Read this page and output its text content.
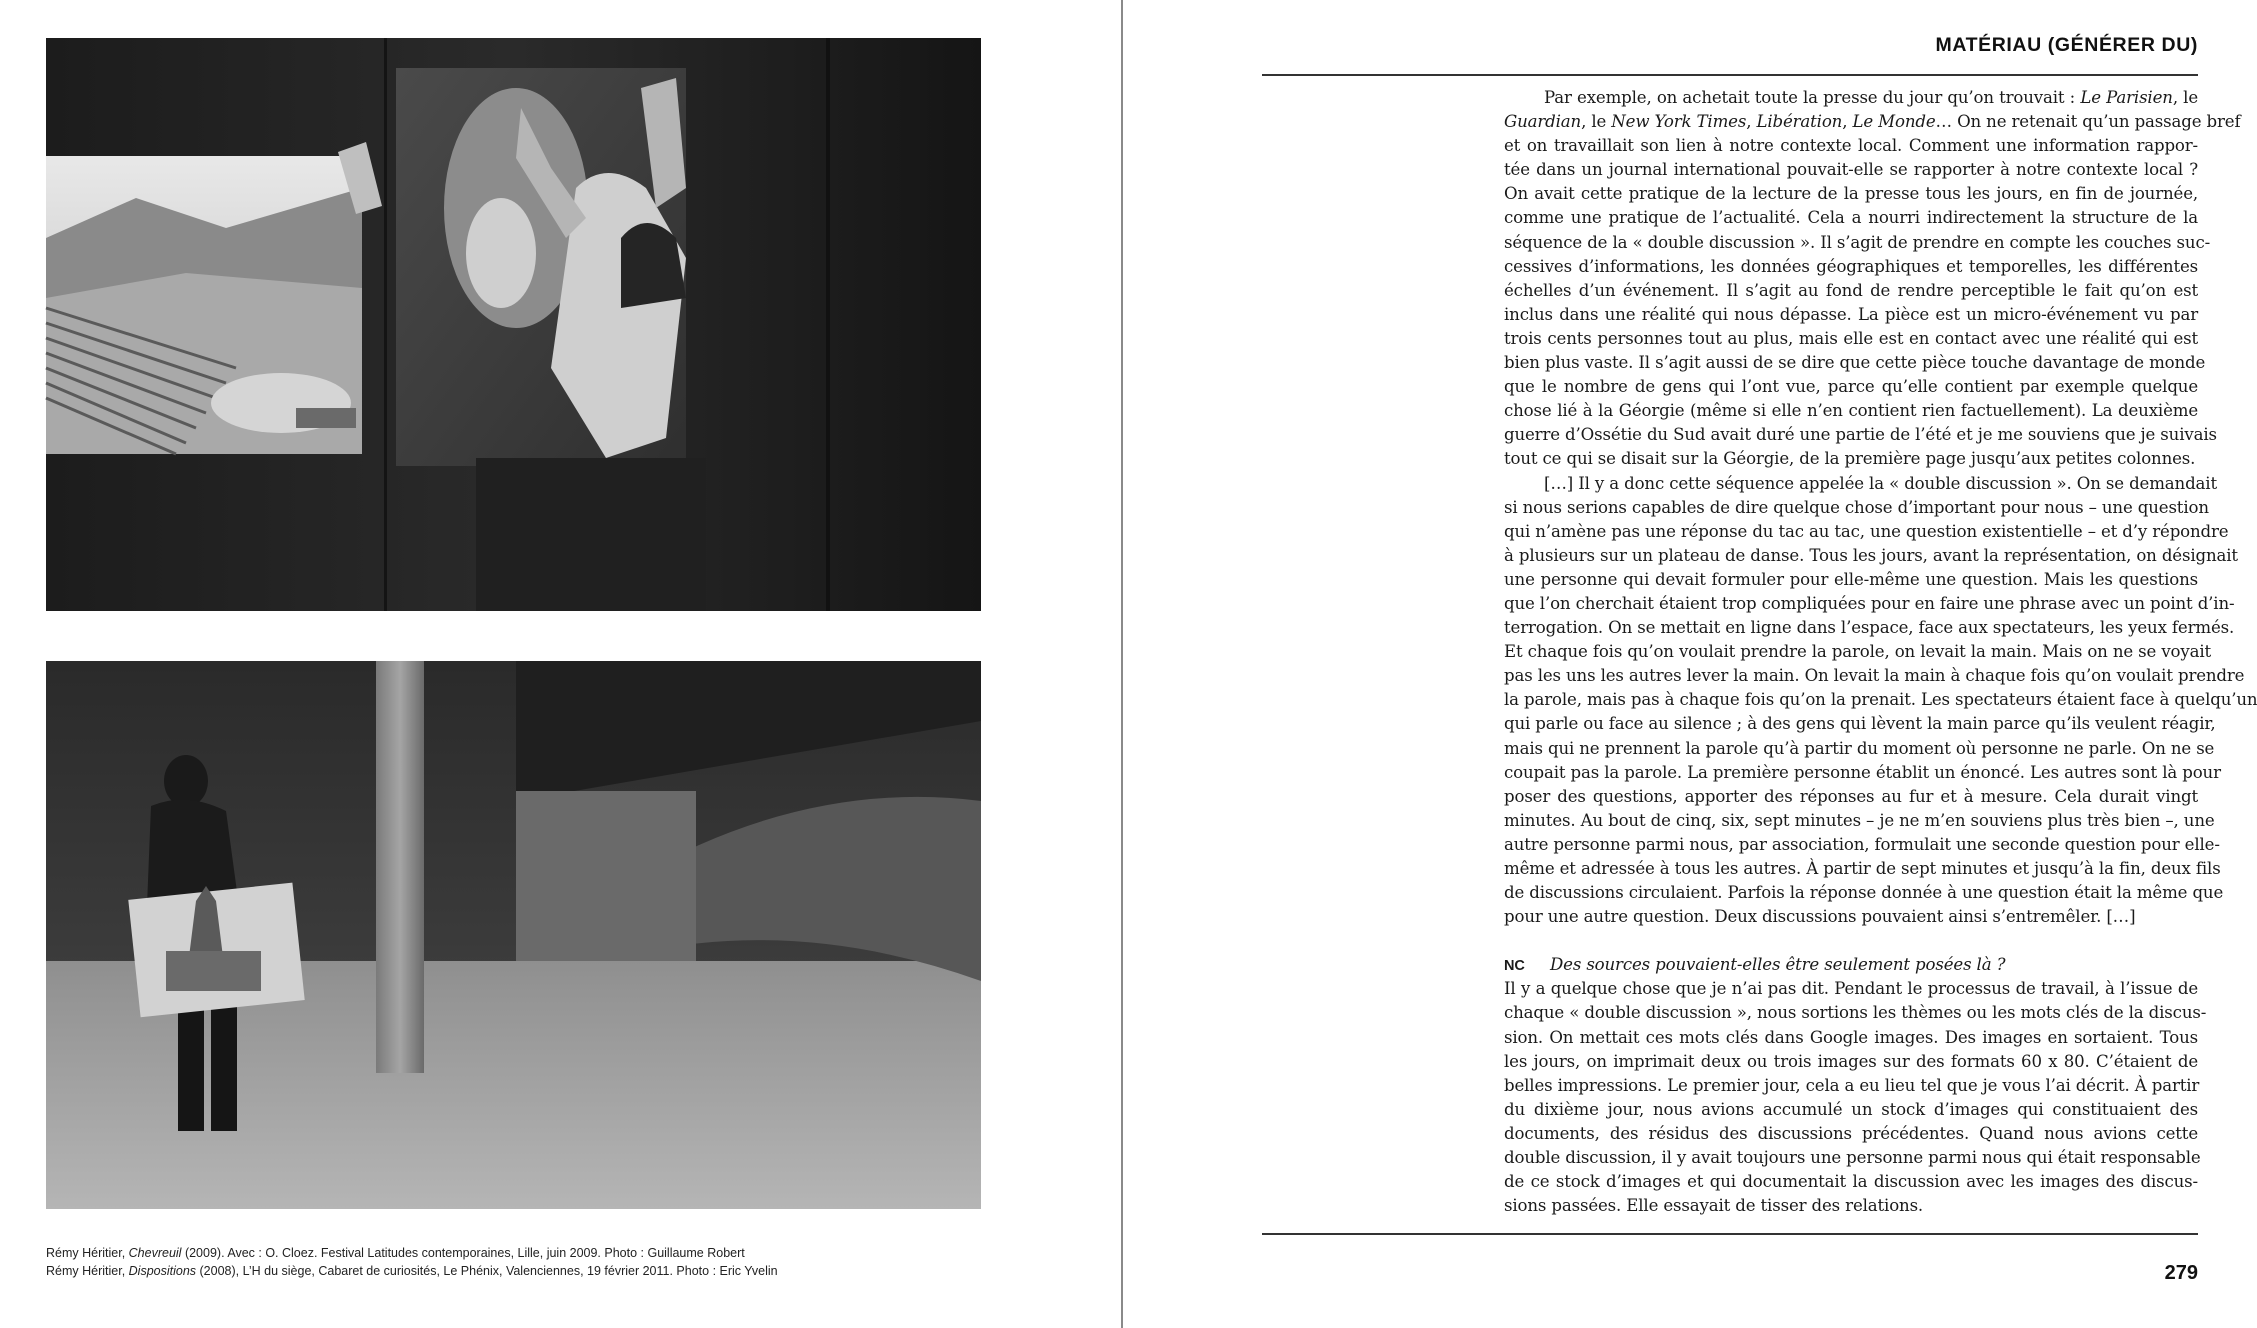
Rémy Héritier, Chevreuil (2009). Avec : O. Cloez. Festival Latitudes contemporaines, Lille, juin 2009. Photo : Guillaume Robert
Rémy Héritier, Dispositions (2008), L’H du siège, Cabaret de curiosités, Le Phénix, Valenciennes, 19 février 2011. Photo : Eric Yvelin
MATÉRIAU (GÉNÉRER DU)
Par exemple, on achetait toute la presse du jour qu’on trouvait : Le Parisien, le
Guardian, le New York Times, Libération, Le Monde… On ne retenait qu’un passage bref
et on travaillait son lien à notre contexte local. Comment une information rappor-
tée dans un journal international pouvait-elle se rapporter à notre contexte local ?
On avait cette pratique de la lecture de la presse tous les jours, en fin de journée,
comme une pratique de l’actualité. Cela a nourri indirectement la structure de la
séquence de la « double discussion ». Il s’agit de prendre en compte les couches suc-
cessives d’informations, les données géographiques et temporelles, les différentes
échelles d’un événement. Il s’agit au fond de rendre perceptible le fait qu’on est
inclus dans une réalité qui nous dépasse. La pièce est un micro-événement vu par
trois cents personnes tout au plus, mais elle est en contact avec une réalité qui est
bien plus vaste. Il s’agit aussi de se dire que cette pièce touche davantage de monde
que le nombre de gens qui l’ont vue, parce qu’elle contient par exemple quelque
chose lié à la Géorgie (même si elle n’en contient rien factuellement). La deuxième
guerre d’Ossétie du Sud avait duré une partie de l’été et je me souviens que je suivais
tout ce qui se disait sur la Géorgie, de la première page jusqu’aux petites colonnes.
[…] Il y a donc cette séquence appelée la « double discussion ». On se demandait
si nous serions capables de dire quelque chose d’important pour nous – une question
qui n’amène pas une réponse du tac au tac, une question existentielle – et d’y répondre
à plusieurs sur un plateau de danse. Tous les jours, avant la représentation, on désignait
une personne qui devait formuler pour elle-même une question. Mais les questions
que l’on cherchait étaient trop compliquées pour en faire une phrase avec un point d’in-
terrogation. On se mettait en ligne dans l’espace, face aux spectateurs, les yeux fermés.
Et chaque fois qu’on voulait prendre la parole, on levait la main. Mais on ne se voyait
pas les uns les autres lever la main. On levait la main à chaque fois qu’on voulait prendre
la parole, mais pas à chaque fois qu’on la prenait. Les spectateurs étaient face à quelqu’un
qui parle ou face au silence ; à des gens qui lèvent la main parce qu’ils veulent réagir,
mais qui ne prennent la parole qu’à partir du moment où personne ne parle. On ne se
coupait pas la parole. La première personne établit un énoncé. Les autres sont là pour
poser des questions, apporter des réponses au fur et à mesure. Cela durait vingt
minutes. Au bout de cinq, six, sept minutes – je ne m’en souviens plus très bien –, une
autre personne parmi nous, par association, formulait une seconde question pour elle-
même et adressée à tous les autres. À partir de sept minutes et jusqu’à la fin, deux fils
de discussions circulaient. Parfois la réponse donnée à une question était la même que
pour une autre question. Deux discussions pouvaient ainsi s’entremêler. […]
NC Des sources pouvaient-elles être seulement posées là ?
Il y a quelque chose que je n’ai pas dit. Pendant le processus de travail, à l’issue de
chaque « double discussion », nous sortions les thèmes ou les mots clés de la discus-
sion. On mettait ces mots clés dans Google images. Des images en sortaient. Tous
les jours, on imprimait deux ou trois images sur des formats 60 x 80. C’étaient de
belles impressions. Le premier jour, cela a eu lieu tel que je vous l’ai décrit. À partir
du dixième jour, nous avions accumulé un stock d’images qui constituaient des
documents, des résidus des discussions précédentes. Quand nous avions cette
double discussion, il y avait toujours une personne parmi nous qui était responsable
de ce stock d’images et qui documentait la discussion avec les images des discus-
sions passées. Elle essayait de tisser des relations.
279
